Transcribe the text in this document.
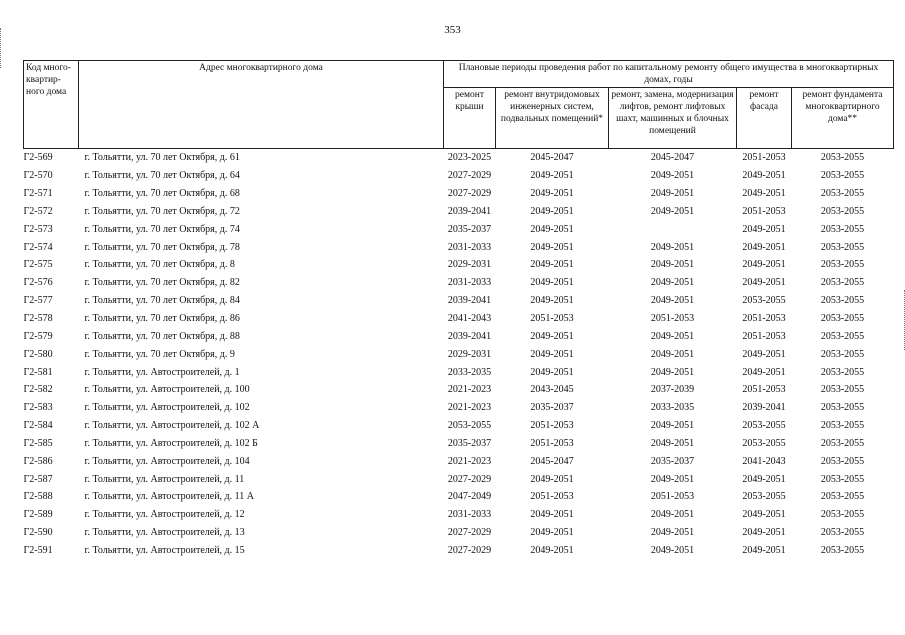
353
Код много-квартир-ного дома	Адрес многоквартирного дома	Плановые периоды проведения работ по капитальному ремонту общего имущества в многоквартирных домах, годы				
		ремонт крыши	ремонт внутридомовых инженерных систем, подвальных помещений*	ремонт, замена, модернизация лифтов, ремонт лифтовых шахт, машинных и блочных помещений	ремонт фасада	ремонт фундамента многоквартирного дома**
Г2-569	г. Тольятти, ул. 70 лет Октября, д. 61	2023-2025	2045-2047	2045-2047	2051-2053	2053-2055
Г2-570	г. Тольятти, ул. 70 лет Октября, д. 64	2027-2029	2049-2051	2049-2051	2049-2051	2053-2055
Г2-571	г. Тольятти, ул. 70 лет Октября, д. 68	2027-2029	2049-2051	2049-2051	2049-2051	2053-2055
Г2-572	г. Тольятти, ул. 70 лет Октября, д. 72	2039-2041	2049-2051	2049-2051	2051-2053	2053-2055
Г2-573	г. Тольятти, ул. 70 лет Октября, д. 74	2035-2037	2049-2051		2049-2051	2053-2055
Г2-574	г. Тольятти, ул. 70 лет Октября, д. 78	2031-2033	2049-2051	2049-2051	2049-2051	2053-2055
Г2-575	г. Тольятти, ул. 70 лет Октября, д. 8	2029-2031	2049-2051	2049-2051	2049-2051	2053-2055
Г2-576	г. Тольятти, ул. 70 лет Октября, д. 82	2031-2033	2049-2051	2049-2051	2049-2051	2053-2055
Г2-577	г. Тольятти, ул. 70 лет Октября, д. 84	2039-2041	2049-2051	2049-2051	2053-2055	2053-2055
Г2-578	г. Тольятти, ул. 70 лет Октября, д. 86	2041-2043	2051-2053	2051-2053	2051-2053	2053-2055
Г2-579	г. Тольятти, ул. 70 лет Октября, д. 88	2039-2041	2049-2051	2049-2051	2051-2053	2053-2055
Г2-580	г. Тольятти, ул. 70 лет Октября, д. 9	2029-2031	2049-2051	2049-2051	2049-2051	2053-2055
Г2-581	г. Тольятти, ул. Автостроителей, д. 1	2033-2035	2049-2051	2049-2051	2049-2051	2053-2055
Г2-582	г. Тольятти, ул. Автостроителей, д. 100	2021-2023	2043-2045	2037-2039	2051-2053	2053-2055
Г2-583	г. Тольятти, ул. Автостроителей, д. 102	2021-2023	2035-2037	2033-2035	2039-2041	2053-2055
Г2-584	г. Тольятти, ул. Автостроителей, д. 102 А	2053-2055	2051-2053	2049-2051	2053-2055	2053-2055
Г2-585	г. Тольятти, ул. Автостроителей, д. 102 Б	2035-2037	2051-2053	2049-2051	2053-2055	2053-2055
Г2-586	г. Тольятти, ул. Автостроителей, д. 104	2021-2023	2045-2047	2035-2037	2041-2043	2053-2055
Г2-587	г. Тольятти, ул. Автостроителей, д. 11	2027-2029	2049-2051	2049-2051	2049-2051	2053-2055
Г2-588	г. Тольятти, ул. Автостроителей, д. 11 А	2047-2049	2051-2053	2051-2053	2053-2055	2053-2055
Г2-589	г. Тольятти, ул. Автостроителей, д. 12	2031-2033	2049-2051	2049-2051	2049-2051	2053-2055
Г2-590	г. Тольятти, ул. Автостроителей, д. 13	2027-2029	2049-2051	2049-2051	2049-2051	2053-2055
Г2-591	г. Тольятти, ул. Автостроителей, д. 15	2027-2029	2049-2051	2049-2051	2049-2051	2053-2055
